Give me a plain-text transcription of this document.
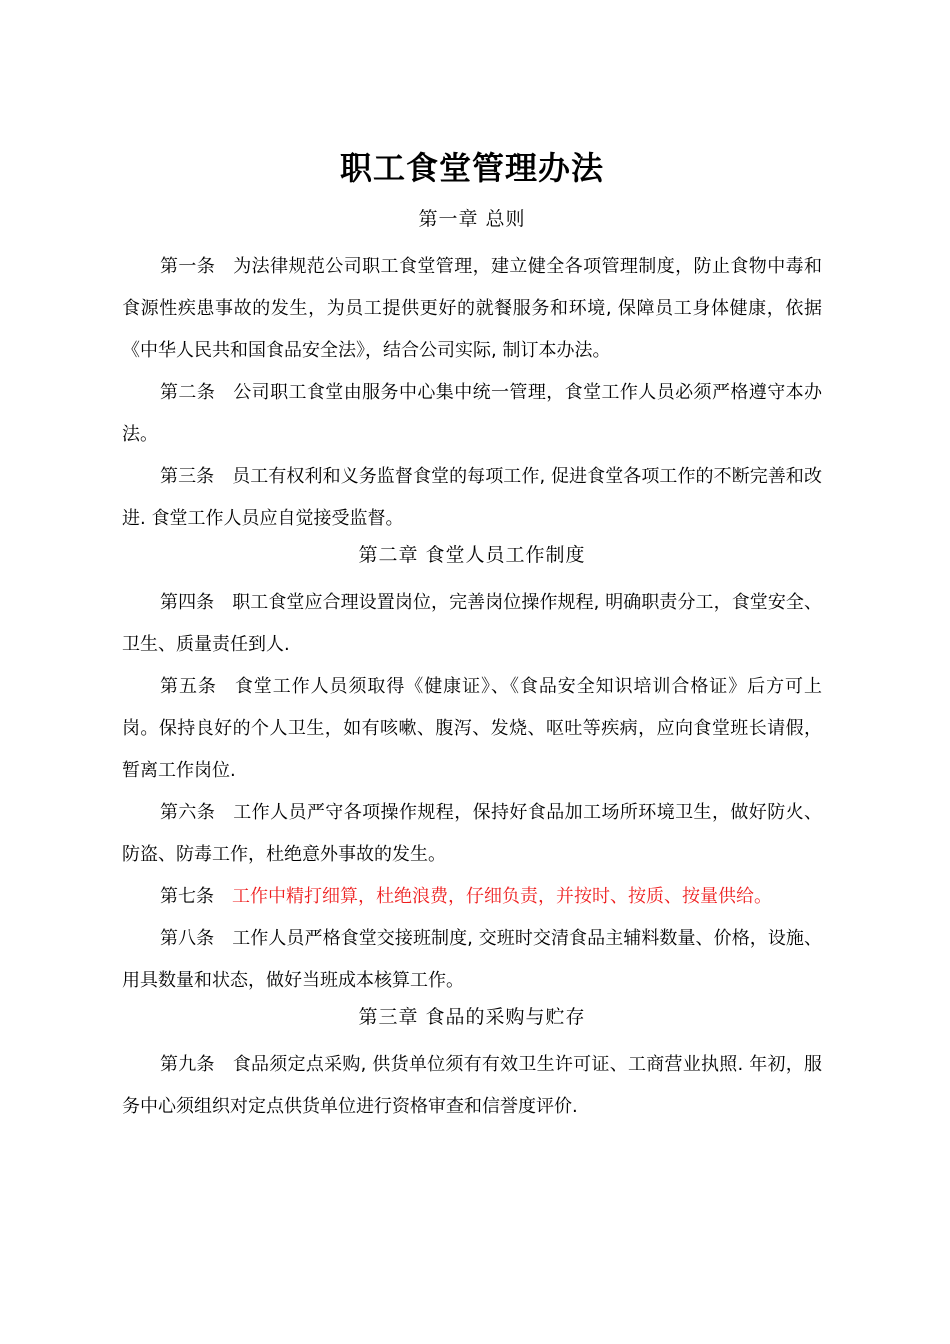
职工食堂管理办法
第一章 总则

第一条 为法律规范公司职工食堂管理，建立健全各项管理制度，防止食物中毒和食源性疾患事故的发生，为员工提供更好的就餐服务和环境, 保障员工身体健康，依据《中华人民共和国食品安全法》，结合公司实际, 制订本办法。

第二条 公司职工食堂由服务中心集中统一管理，食堂工作人员必须严格遵守本办法。

第三条 员工有权利和义务监督食堂的每项工作, 促进食堂各项工作的不断完善和改进. 食堂工作人员应自觉接受监督。

第二章 食堂人员工作制度

第四条 职工食堂应合理设置岗位，完善岗位操作规程, 明确职责分工，食堂安全、卫生、质量责任到人.

第五条 食堂工作人员须取得《健康证》、《食品安全知识培训合格证》后方可上岗。保持良好的个人卫生，如有咳嗽、腹泻、发烧、呕吐等疾病，应向食堂班长请假，暂离工作岗位.

第六条 工作人员严守各项操作规程，保持好食品加工场所环境卫生，做好防火、防盗、防毒工作，杜绝意外事故的发生。

第七条 工作中精打细算，杜绝浪费，仔细负责，并按时、按质、按量供给。

第八条 工作人员严格食堂交接班制度, 交班时交清食品主辅料数量、价格，设施、用具数量和状态，做好当班成本核算工作。

第三章 食品的采购与贮存

第九条 食品须定点采购, 供货单位须有有效卫生许可证、工商营业执照. 年初，服务中心须组织对定点供货单位进行资格审查和信誉度评价.
